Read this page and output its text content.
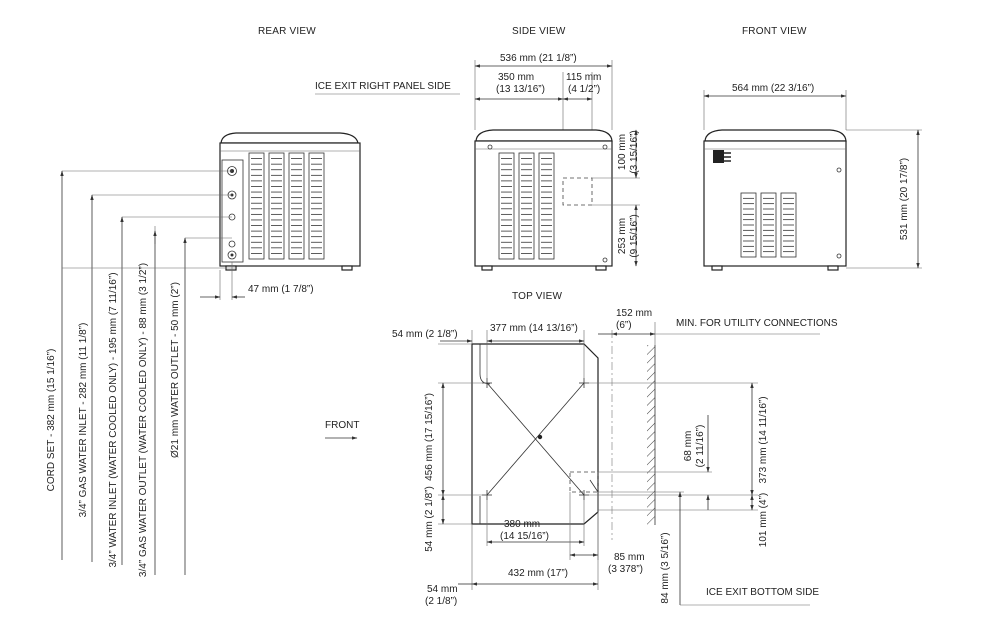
REAR VIEW	SIDE VIEW	FRONT VIEW
TOP VIEW
47 mm (1 7/8”)
CORD SET - 382 mm (15 1/16”) 3/4” GAS WATER INLET - 282 mm (11 1/8”) 3/4” WATER INLET (WATER COOLED ONLY) - 195 mm (7 11/16”) 3/4” GAS WATER OUTLET (WATER COOLED ONLY) - 88 mm (3 1/2”) Ø21 mm WATER OUTLET - 50 mm (2”)
536 mm (21 1/8”)
350 mm
(13 13/16”)
115 mm
(4 1/2”)
ICE EXIT RIGHT PANEL SIDE
100 mm (3 15/16”)
253 mm (9 15/16”)
564 mm (22 3/16”)
531 mm (20 17/8”)
FRONT
54 mm (2 1/8”)
377 mm (14 13/16”)
152 mm
(6”)	MIN. FOR UTILITY CONNECTIONS
456 mm (17 15/16”)
54 mm (2 1/8”)
68 mm (2 11/16”)	373 mm (14 11/16”)
101 mm (4”)
380 mm
(14 15/16”)
85 mm
(3 378”)
432 mm (17”)
54 mm
(2 1/8”)	84 mm (3 5/16”)	ICE EXIT BOTTOM SIDE
